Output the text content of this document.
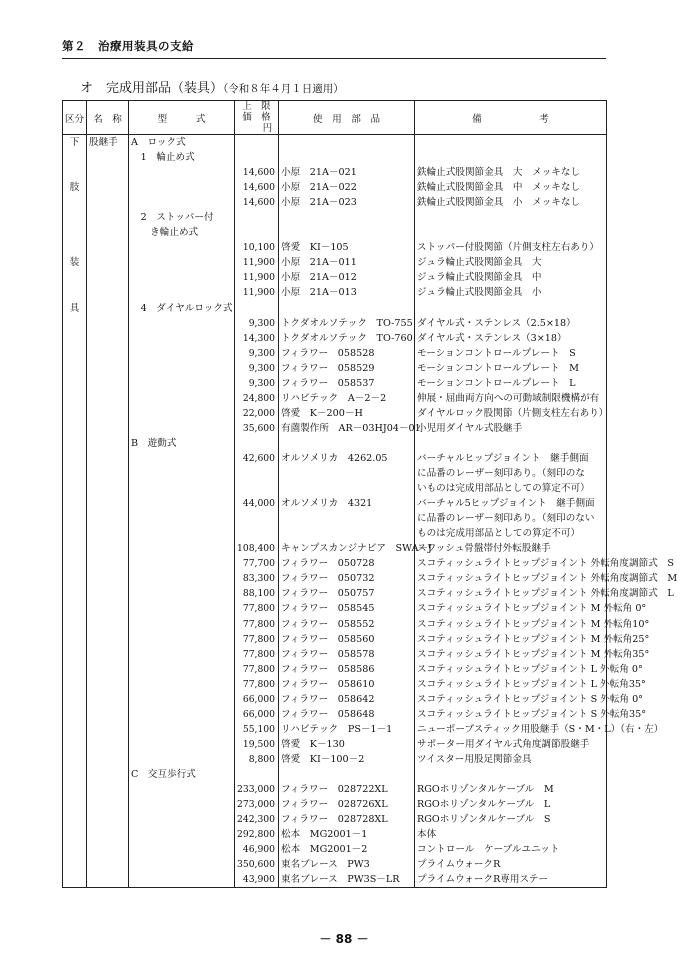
第２　治療用装具の支給
オ　完成用部品（装具）（令和８年４月１日適用）
区分	名　称	型　　　式	上　限
価　格
円	使　用　部　品	備　　　　　　考
下	股継手	A　ロック式			
		　1　輪止め式			
			14,600	小原　21A－021	鉄輪止式股関節金具　大　メッキなし
肢			14,600	小原　21A－022	鉄輪止式股関節金具　中　メッキなし
			14,600	小原　21A－023	鉄輪止式股関節金具　小　メッキなし
		　2　ストッパー付			
		　　き輪止め式			
			10,100	啓愛　KI－105	ストッパー付股関節（片側支柱左右あり）
装			11,900	小原　21A－011	ジュラ輪止式股関節金具　大
			11,900	小原　21A－012	ジュラ輪止式股関節金具　中
			11,900	小原　21A－013	ジュラ輪止式股関節金具　小
具		　4　ダイヤルロック式			
			9,300	トクダオルソテック　TO-755	ダイヤル式・ステンレス（2.5×18）
			14,300	トクダオルソテック　TO-760	ダイヤル式・ステンレス（3×18）
			9,300	フィラワー　058528	モーションコントロールプレート　S
			9,300	フィラワー　058529	モーションコントロールプレート　M
			9,300	フィラワー　058537	モーションコントロールプレート　L
			24,800	リハビテック　A－2－2	伸展・屈曲両方向への可動域制限機構が有
			22,000	啓愛　K－200－H	ダイヤルロック股関節（片側支柱左右あり）
			35,600	有薗製作所　AR－03HJ04－01	小児用ダイヤル式股継手
		B　遊動式			
			42,600	オルソメリカ　4262.05	バーチャルヒップジョイント　継手側面
					に品番のレーザー刻印あり。（刻印のな
					いものは完成用部品としての算定不可）
			44,000	オルソメリカ　4321	バーチャル5ヒップジョイント　継手側面
					に品番のレーザー刻印あり。（刻印のない
					ものは完成用部品としての算定不可）
			108,400	キャンプスカンジナビア　SWA－J	スワッシュ骨盤帯付外転股継手
			77,700	フィラワー　050728	スコティッシュライトヒップジョイント 外転角度調節式　S
			83,300	フィラワー　050732	スコティッシュライトヒップジョイント 外転角度調節式　M
			88,100	フィラワー　050757	スコティッシュライトヒップジョイント 外転角度調節式　L
			77,800	フィラワー　058545	スコティッシュライトヒップジョイント M 外転角 0°
			77,800	フィラワー　058552	スコティッシュライトヒップジョイント M 外転角10°
			77,800	フィラワー　058560	スコティッシュライトヒップジョイント M 外転角25°
			77,800	フィラワー　058578	スコティッシュライトヒップジョイント M 外転角35°
			77,800	フィラワー　058586	スコティッシュライトヒップジョイント L 外転角 0°
			77,800	フィラワー　058610	スコティッシュライトヒップジョイント L 外転角35°
			66,000	フィラワー　058642	スコティッシュライトヒップジョイント S 外転角 0°
			66,000	フィラワー　058648	スコティッシュライトヒップジョイント S 外転角35°
			55,100	リハビテック　PS－1－1	ニューポーブスティック用股継手（S・M・L）（右・左）
			19,500	啓愛　K－130	サポーター用ダイヤル式角度調節股継手
			8,800	啓愛　KI－100－2	ツイスター用股足関節金具
		C　交互歩行式			
			233,000	フィラワー　028722XL	RGOホリゾンタルケーブル　M
			273,000	フィラワー　028726XL	RGOホリゾンタルケーブル　L
			242,300	フィラワー　028728XL	RGOホリゾンタルケーブル　S
			292,800	松本　MG2001－1	本体
			46,900	松本　MG2001－2	コントロール　ケーブルユニット
			350,600	東名ブレース　PW3	プライムウォークR
			43,900	東名ブレース　PW3S－LR	プライムウォークR専用ステー
－ 88 －
